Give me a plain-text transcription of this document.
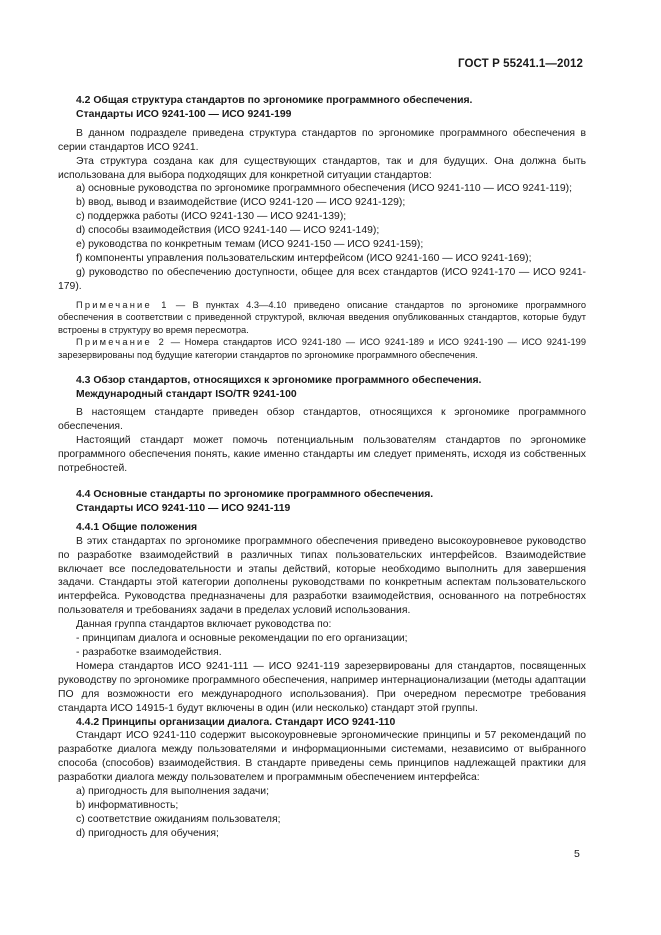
ГОСТ Р 55241.1—2012

4.2 Общая структура стандартов по эргономике программного обеспечения.

Стандарты ИСО 9241-100 — ИСО 9241-199

В данном подразделе приведена структура стандартов по эргономике программного обеспечения в серии стандартов ИСО 9241.

Эта структура создана как для существующих стандартов, так и для будущих. Она должна быть использована для выбора подходящих для конкретной ситуации стандартов:

a) основные руководства по эргономике программного обеспечения (ИСО 9241-110 — ИСО 9241-119);

b) ввод, вывод и взаимодействие (ИСО 9241-120 — ИСО 9241-129);

c) поддержка работы (ИСО 9241-130 — ИСО 9241-139);

d) способы взаимодействия (ИСО 9241-140 — ИСО 9241-149);

e) руководства по конкретным темам (ИСО 9241-150 — ИСО 9241-159);

f) компоненты управления пользовательским интерфейсом (ИСО 9241-160 — ИСО 9241-169);

g) руководство по обеспечению доступности, общее для всех стандартов (ИСО 9241-170 — ИСО 9241-179).

Примечание 1 — В пунктах 4.3—4.10 приведено описание стандартов по эргономике программного обеспечения в соответствии с приведенной структурой, включая введения опубликованных стандартов, которые будут встроены в структуру во время пересмотра.

Примечание 2 — Номера стандартов ИСО 9241-180 — ИСО 9241-189 и ИСО 9241-190 — ИСО 9241-199 зарезервированы под будущие категории стандартов по эргономике программного обеспечения.

4.3 Обзор стандартов, относящихся к эргономике программного обеспечения.

Международный стандарт ISO/TR 9241-100

В настоящем стандарте приведен обзор стандартов, относящихся к эргономике программного обеспечения.

Настоящий стандарт может помочь потенциальным пользователям стандартов по эргономике программного обеспечения понять, какие именно стандарты им следует применять, исходя из собственных потребностей.

4.4 Основные стандарты по эргономике программного обеспечения.

Стандарты ИСО 9241-110 — ИСО 9241-119

4.4.1 Общие положения

В этих стандартах по эргономике программного обеспечения приведено высокоуровневое руководство по разработке взаимодействий в различных типах пользовательских интерфейсов. Взаимодействие включает все последовательности и этапы действий, которые необходимо выполнить для завершения задачи. Стандарты этой категории дополнены руководствами по конкретным аспектам пользовательского интерфейса. Руководства предназначены для разработки взаимодействия, основанного на потребностях пользователя и требованиях задачи в пределах условий использования.

Данная группа стандартов включает руководства по:

- принципам диалога и основные рекомендации по его организации;

- разработке взаимодействия.

Номера стандартов ИСО 9241-111 — ИСО 9241-119 зарезервированы для стандартов, посвященных руководству по эргономике программного обеспечения, например интернационализации (методы адаптации ПО для возможности его международного использования). При очередном пересмотре требования стандарта ИСО 14915-1 будут включены в один (или несколько) стандарт этой группы.

4.4.2 Принципы организации диалога. Стандарт ИСО 9241-110

Стандарт ИСО 9241-110 содержит высокоуровневые эргономические принципы и 57 рекомендаций по разработке диалога между пользователями и информационными системами, независимо от выбранного способа (способов) взаимодействия. В стандарте приведены семь принципов надлежащей практики для разработки диалога между пользователем и программным обеспечением интерфейса:

a) пригодность для выполнения задачи;

b) информативность;

c) соответствие ожиданиям пользователя;

d) пригодность для обучения;

5
